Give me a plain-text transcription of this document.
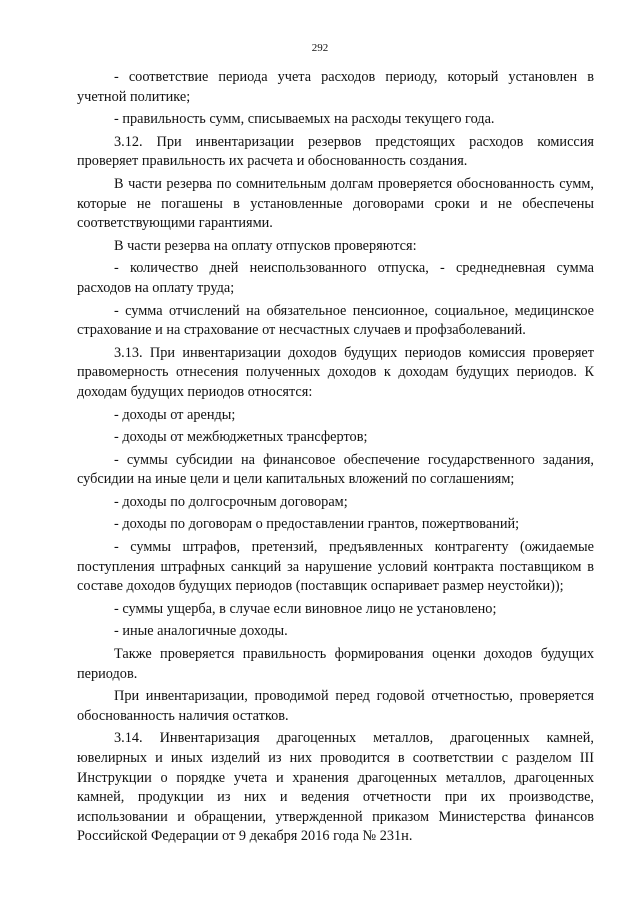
292

- соответствие периода учета расходов периоду, который установлен в учетной политике;

- правильность сумм, списываемых на расходы текущего года.

3.12. При инвентаризации резервов предстоящих расходов комиссия проверяет правильность их расчета и обоснованность создания.

В части резерва по сомнительным долгам проверяется обоснованность сумм, которые не погашены в установленные договорами сроки и не обеспечены соответствующими гарантиями.

В части резерва на оплату отпусков проверяются:

- количество дней неиспользованного отпуска, - среднедневная сумма расходов на оплату труда;

- сумма отчислений на обязательное пенсионное, социальное, медицинское страхование и на страхование от несчастных случаев и профзаболеваний.

3.13. При инвентаризации доходов будущих периодов комиссия проверяет правомерность отнесения полученных доходов к доходам будущих периодов. К доходам будущих периодов относятся:

- доходы от аренды;

- доходы от межбюджетных трансфертов;

- суммы субсидии на финансовое обеспечение государственного задания, субсидии на иные цели и цели капитальных вложений по соглашениям;

- доходы по долгосрочным договорам;

- доходы по договорам о предоставлении грантов, пожертвований;

- суммы штрафов, претензий, предъявленных контрагенту (ожидаемые поступления штрафных санкций за нарушение условий контракта поставщиком в составе доходов будущих периодов (поставщик оспаривает размер неустойки));

- суммы ущерба, в случае если виновное лицо не установлено;

- иные аналогичные доходы.

Также проверяется правильность формирования оценки доходов будущих периодов.

При инвентаризации, проводимой перед годовой отчетностью, проверяется обоснованность наличия остатков.

3.14. Инвентаризация драгоценных металлов, драгоценных камней, ювелирных и иных изделий из них проводится в соответствии с разделом III Инструкции о порядке учета и хранения драгоценных металлов, драгоценных камней, продукции из них и ведения отчетности при их производстве, использовании и обращении, утвержденной приказом Министерства финансов Российской Федерации от 9 декабря 2016 года № 231н.
